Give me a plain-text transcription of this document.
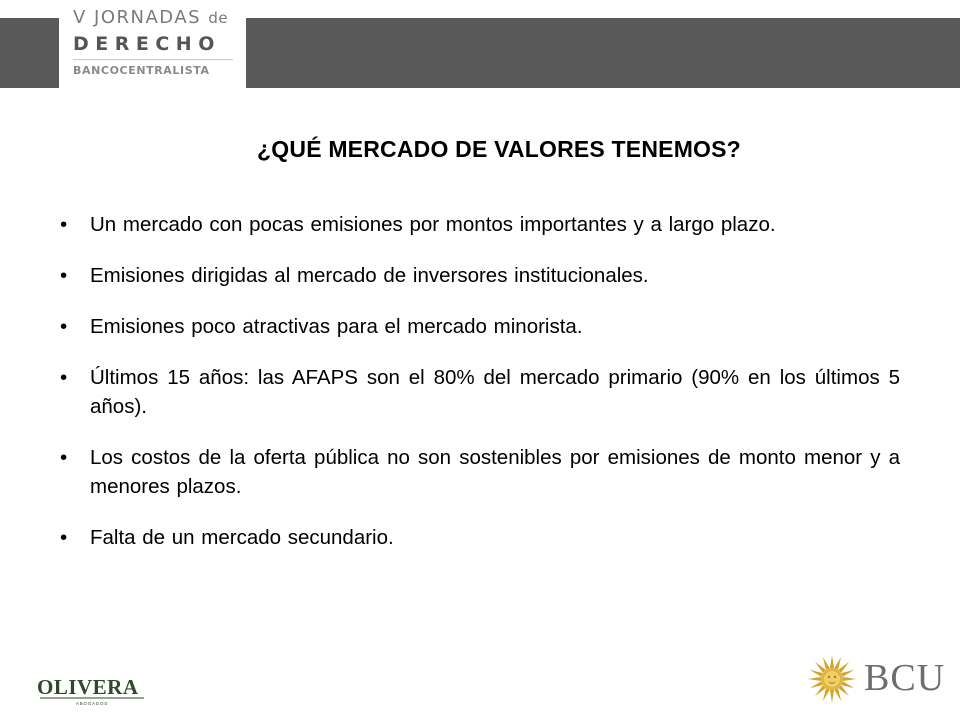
V JORNADAS de
DERECHO
BANCOCENTRALISTA
¿QUÉ MERCADO DE VALORES TENEMOS?
• Un mercado con pocas emisiones por montos importantes y a largo plazo.
• Emisiones dirigidas al mercado de inversores institucionales.
• Emisiones poco atractivas para el mercado minorista.
• Últimos 15 años: las AFAPS son el 80% del mercado primario (90% en los últimos 5 años).
• Los costos de la oferta pública no son sostenibles por emisiones de monto menor y a menores plazos.
• Falta de un mercado secundario.
OLIVERA
ABOGADOS
BCU
